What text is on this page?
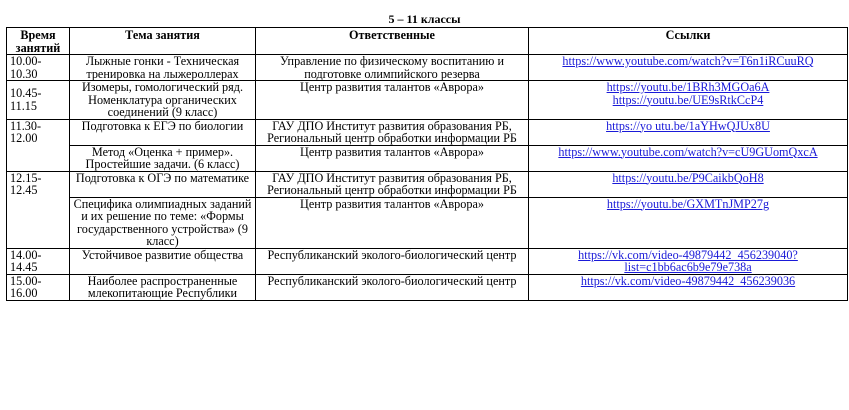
5 – 11 классы
Время занятий	Тема занятия	Ответственные	Ссылки
10.00-10.30	Лыжные гонки - Техническая тренировка на лыжероллерах	Управление по физическому воспитанию и подготовке олимпийского резерва	https://www.youtube.com/watch?v=T6n1iRCuuRQ

10.45-11.15	Изомеры, гомологический ряд. Номенклатура органических соединений (9 класс)	Центр развития талантов «Аврора»	https://youtu.be/1BRh3MGOa6A
https://youtu.be/UE9sRtkCcP4

11.30-12.00	Подготовка к ЕГЭ по биологии	ГАУ ДПО Институт развития образования РБ, Региональный центр обработки информации РБ	https://yo utu.be/1aYHwQJUx8U

	Метод «Оценка + пример». Простейшие задачи. (6 класс)	Центр развития талантов «Аврора»	https://www.youtube.com/watch?v=cU9GUomQxcA

12.15-12.45	Подготовка к ОГЭ по математике	ГАУ ДПО Институт развития образования РБ, Региональный центр обработки информации РБ	https://youtu.be/P9CaikbQoH8

	Специфика олимпиадных заданий и их решение по теме: «Формы государственного устройства» (9 класс)	Центр развития талантов «Аврора»	https://youtu.be/GXMTnJMP27g

14.00-14.45	Устойчивое развитие общества	Республиканский эколого-биологический центр	https://vk.com/video-49879442_456239040?list=c1bb6ac6b9e79e738a

15.00-16.00	Наиболее распространенные млекопитающие Республики	Республиканский эколого-биологический центр	https://vk.com/video-49879442_456239036
